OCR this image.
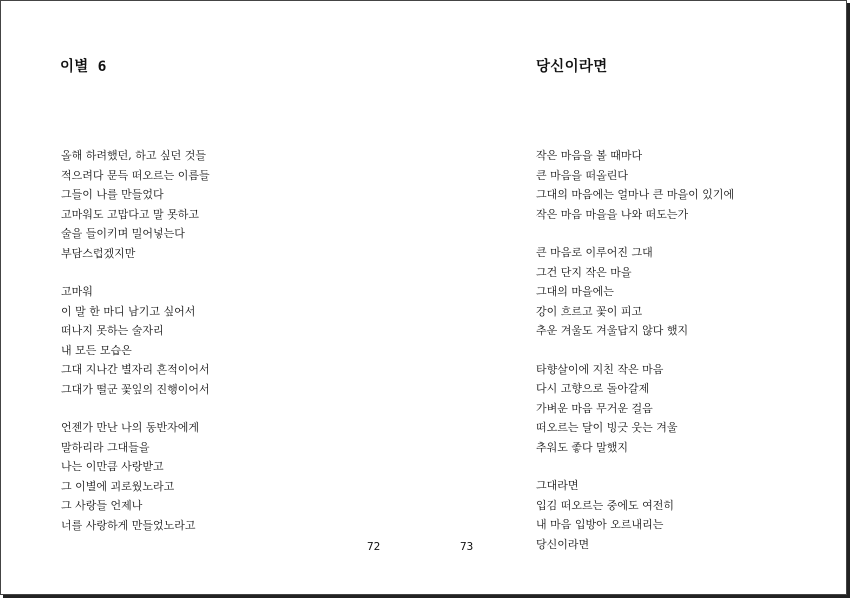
이별 6
올해 하려했던, 하고 싶던 것들
적으려다 문득 떠오르는 이름들
그들이 나를 만들었다
고마워도 고맙다고 말 못하고
술을 들이키며 밀어넣는다
부담스럽겠지만
고마워
이 말 한 마디 남기고 싶어서
떠나지 못하는 술자리
내 모든 모습은
그대 지나간 별자리 흔적이어서
그대가 떨군 꽃잎의 진행이어서
언젠가 만난 나의 동반자에게
말하리라 그대들을
나는 이만큼 사랑받고
그 이별에 괴로웠노라고
그 사랑들 언제나
너를 사랑하게 만들었노라고
72
당신이라면
작은 마음을 볼 때마다
큰 마음을 떠올린다
그대의 마음에는 얼마나 큰 마을이 있기에
작은 마음 마을을 나와 떠도는가
큰 마음로 이루어진 그대
그건 단지 작은 마을
그대의 마을에는
강이 흐르고 꽃이 피고
추운 겨울도 겨울답지 않다 했지
타향살이에 지친 작은 마음
다시 고향으로 돌아갈제
가벼운 마음 무거운 걸음
떠오르는 달이 빙긋 웃는 겨울
추워도 좋다 말했지
그대라면
입김 떠오르는 중에도 여전히
내 마음 입방아 오르내리는
당신이라면
73
